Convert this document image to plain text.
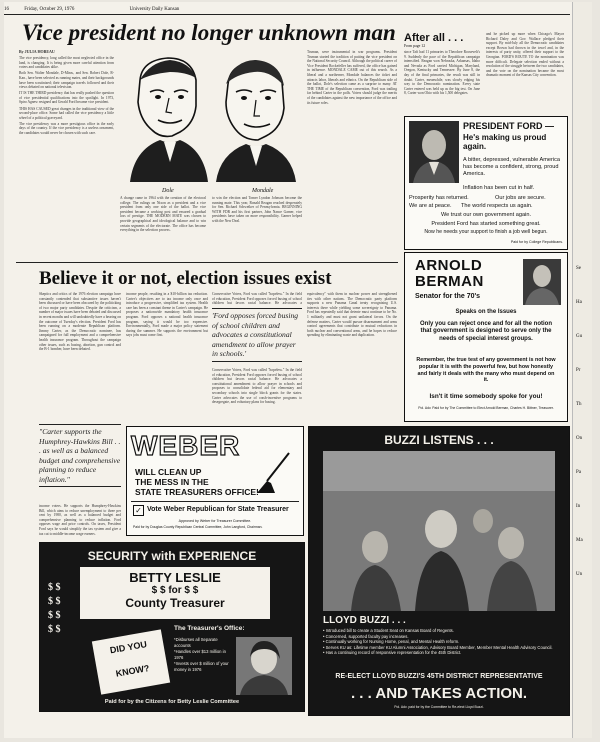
16	Friday, October 29, 1976	University Daily Kansan
Vice president no longer unknown man

By JULIA HOBEAU

The vice presidency, long called the most neglected office in the land, is changing. It is being given more careful attention from voters and candidates alike.

Both Sen. Walter Mondale, D-Minn., and Sen. Robert Dole, R-Kan., have been selected as running mates, and their backgrounds have been scrutinized; their campaign travels followed and their views debated on national television.

IT IS THE THIRD presidency that has really pushed the question of vice presidential qualifications into the spotlight. In 1973, Spiro Agnew resigned and Gerald Ford became vice president.

THIS HAS CAUSED great changes in the traditional view of the second-place office. Some had called the vice presidency a little wheel of a political graveyard.

The vice presidency was a more prestigious office in the early days of the country. If the vice presidency is a useless ornament, the candidates would never be chosen with such care.

Dole	Mondale
A change came in 1964 with the creation of the electoral college. The rulings on Nixon as a president and a vice president from only one side of the ballot. The vice president became a working post and ensured a gradual loss of prestige. THE MODERN MATE was chosen to provide geographical and ideological balance and to win certain segments of the electorate. The office has become everything in the selection process.
to win the election and Tomer Lyndon Johnson become the running mate. This year, Ronald Reagan reached desperately for Sen. Richard Schweiker of Pennsylvania. BEGINNING WITH FDR and his first partner, John Nance Garner, vice presidents have taken on more responsibility. Garner helped with the New Deal.
Truman, were instrumental in war programs. President Truman started the tradition of putting the vice president on the National Security Council. Although the political career of Vice President Rockefeller has suffered, the office has gained in influence. MONDALE CAME out of this search. As a liberal and a northerner, Mondale balances the ticket and attracts labor, liberals and ethnics. On the Republican side of the ballot, Dole's selection came as a surprise to many. AT THE TIME of the Republican convention, Ford was trailing far behind Carter in the polls. Voters should judge the merits of the candidates against the new importance of the office and its future roles.
After all . . .
From page 12
since Taft had 11 primaries to Theodore Roosevelt's 9. Suddenly the pace of the Republican campaign intensified. Reagan won Nebraska, Arkansas, Idaho and Nevada as Ford carried Michigan, Maryland, Oregon, Kentucky and Tennessee. By June 8, the day of the final primaries, the result was still in doubt. Carter, meanwhile, was slowly edging his way to the Democratic nomination. Every state Carter entered was held up as the big test. On June 8, Carter won Ohio with his 1,500 delegates.
and he picked up more when Chicago's Mayor Richard Daley and Gov. Wallace pledged their support. By mid-July all the Democratic candidates except Brown had thrown in the towel and, in the interests of party unity, offered their support to the Georgian. FORD'S ROUTE TO the nomination was more difficult. Delegate selection ended without a resolution of the struggle between the two candidates, and the vote on the nomination became the most dramatic moment of the Kansas City convention.
PRESIDENT FORD —
He's making us proud again.
A bitter, depressed, vulnerable America has become a confident, strong, proud America.
Inflation has been cut in half.
Prosperity has returned.	Our jobs are secure.
We are at peace. The world respects us again.
We trust our own government again.
President Ford has started something great.
Now he needs your support to finish a job well begun.
Paid for by College Republicans.
Believe it or not, election issues exist
Skeptics and critics of the 1976 election campaign have constantly contended that substantive issues haven't been discussed or have been obscured by the politicking of two major party candidates. Despite the criticism, a number of major issues have been debated and discussed in recent months and will undoubtedly have a bearing on the outcome of Tuesday's election. President Ford has been running on a moderate Republican platform. Jimmy Carter, as the Democratic nominee, has campaigned for full employment and a comprehensive health insurance program. Throughout the campaign other issues, such as busing, abortion, gun control and the B-1 bomber, have been debated.
"Carter supports the Humphrey-Hawkins Bill . . . as well as a balanced budget and comprehensive planning to reduce inflation."
income voters. He supports the Humphrey-Hawkins Bill, which aims to reduce unemployment to three per cent by 1980, as well as a balanced budget and comprehensive planning to reduce inflation. Ford opposes wage and price controls. On taxes, President Ford says he would simplify the tax system and give a tax cut to middle-income wage earners.
income people, resulting in a $10-billion tax reduction. Carter's objectives are to tax income only once and introduce a progressive, simplified tax system. Health care has been a constant theme in Carter's campaign. He proposes a nationwide mandatory health insurance program. Ford opposes a national health insurance program, saying it would be too expensive. Environmentally, Ford made a major policy statement during the summer. He supports the environment but says jobs must come first.
'Ford opposes forced busing of school children and advocates a constitutional amendment to allow prayer in schools.'
Conservative Voters, Ford was called "hopeless." In the field of education, President Ford opposes forced busing of school children but favors racial balance. He advocates a
Conservative Voters, Ford was called "hopeless." In the field of education, President Ford opposes forced busing of school children but favors racial balance. He advocates a constitutional amendment to allow prayer in schools and proposes to consolidate federal aid for elementary and secondary schools into single block grants for the states. Carter advocates the use of crash-incentive programs to desegregate, and voluntary plans for busing.
equivalency" with them in nuclear power and strengthened ties with other nations. The Democratic party platform supports a new Panama Canal treaty recognizing U.S. interests there while yielding some sovereignty to Panama. Ford has repeatedly said that detente must continue to be No. 1 militarily and must not grant unilateral favors. On the defense matters, Carter would pursue disarmament and arms control agreements that contribute to mutual reductions in both nuclear and conventional arms, and he hopes to reduce spending by eliminating waste and duplication.
ARNOLD
BERMAN
Senator for the 70's
Speaks on the Issues
Only you can reject once and for all the notion that government is designed to serve only the needs of special interest groups.
Remember, the true test of any government is not how popular it is with the powerful few, but how honestly and fairly it deals with the many who must depend on it.
Isn't it time somebody spoke for you!
Pol. Adv. Paid for by The Committee to Elect Arnold Berman, Charles H. Bittner, Treasurer.
WEBER
WILL CLEAN UP
THE MESS IN THE
STATE TREASURERS OFFICE!
✓ Vote Weber Republican for State Treasurer
Approved by Weber for Treasurer Committee.
Paid for by Douglas County Republican Central Committee, John Langford, Chairman.
SECURITY with EXPERIENCE
BETTY LESLIE
$ $ for $ $
County Treasurer
$ $
$ $
$ $
$ $
DID YOU KNOW?
The Treasurer's Office:
*Disburses all Separate accounts
*Handles over $13 million in 1976
*Invests over $ million of your money in 1976
Paid for by the Citizens for Betty Leslie Committee
BUZZI LISTENS . . .
LLOYD BUZZI . . .
• Introduced bill to create a Student Seat on Kansas Board of Regents.
• Concerned, supported faculty pay increases.
• Continually working for Nursing Home, penal, and Mental Health reform.
• Serves KU as: Lifetime member KU Alumni Association, Advisory Board Member, Member Mental Health Advisory Council.
• Has a continuing record of responsive representation for the 45th District.
RE-ELECT LLOYD BUZZI'S 45TH DISTRICT REPRESENTATIVE
. . . AND TAKES ACTION.
Pol. Adv. paid for by the Committee to Re-elect Lloyd Buzzi.
Se
Ha
Gu
Pr
Th
On
Pa
In
Ma
Un
